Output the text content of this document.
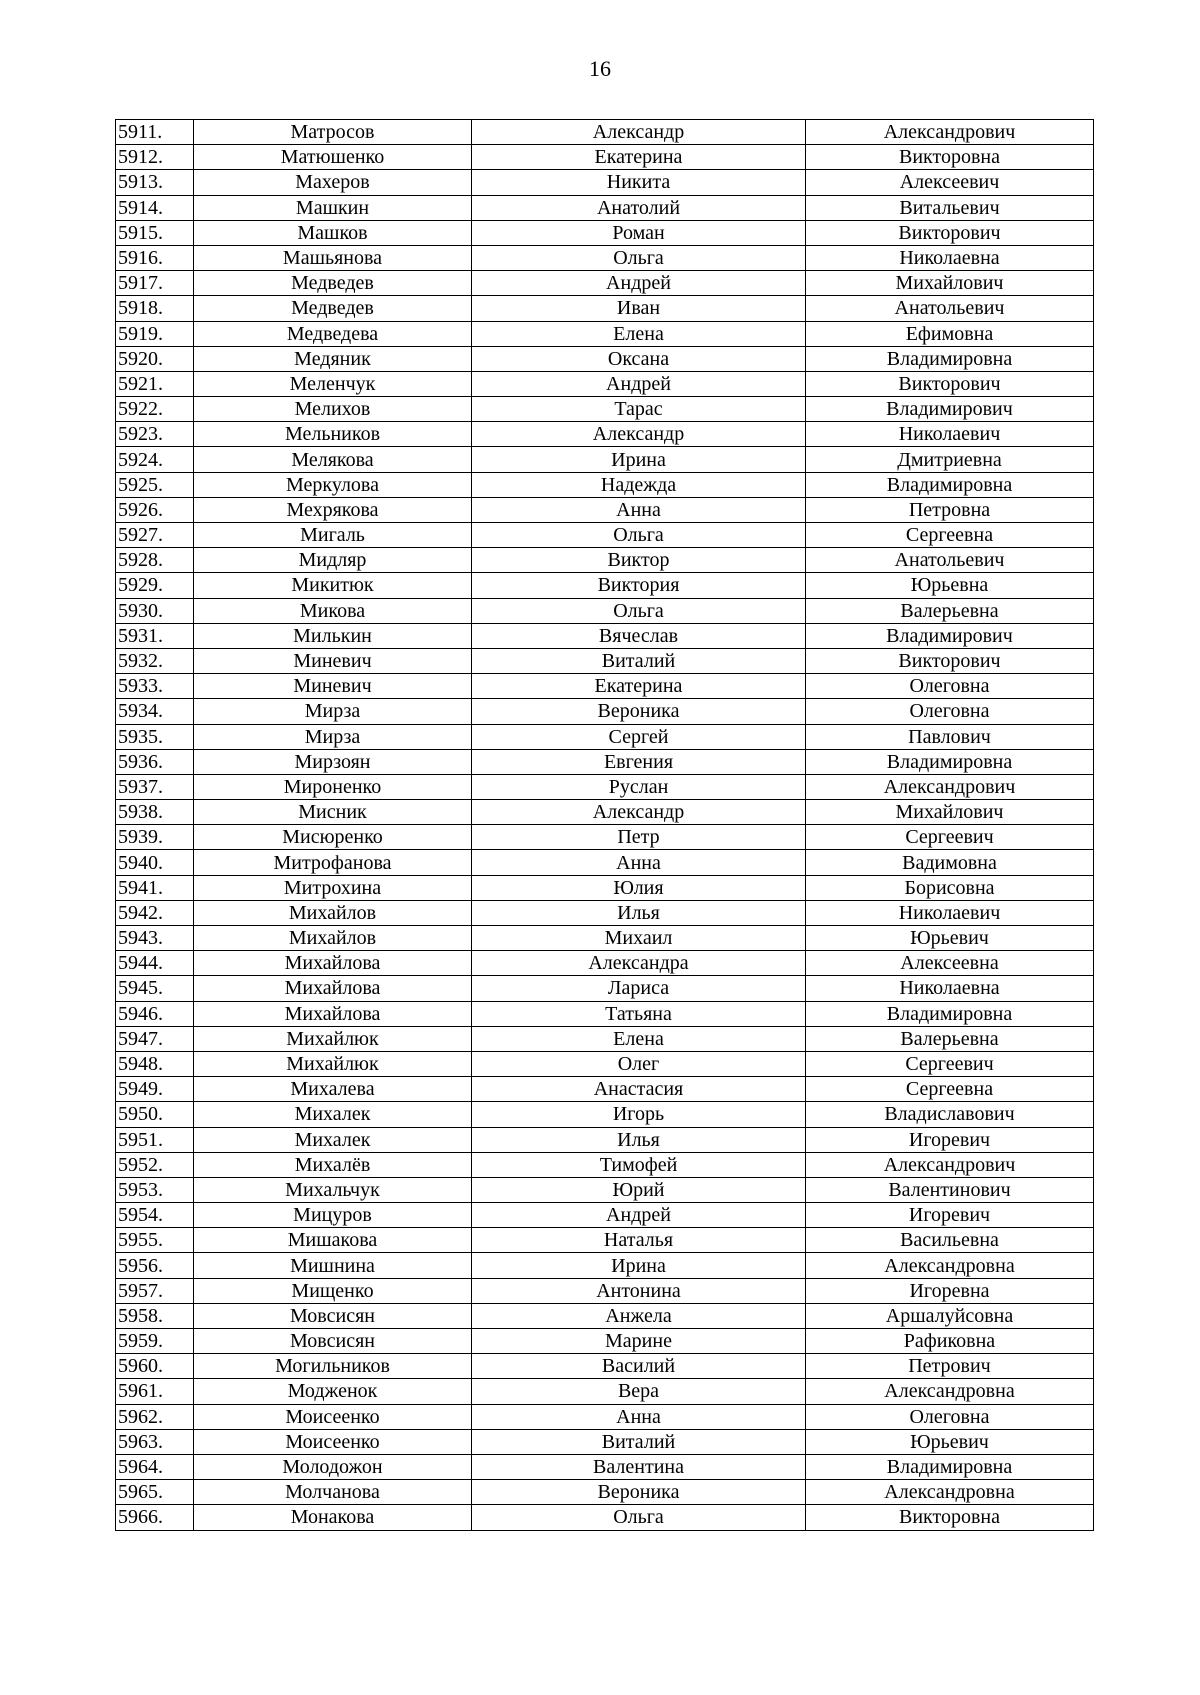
16
5911.	Матросов	Александр	Александрович
5912.	Матюшенко	Екатерина	Викторовна
5913.	Махеров	Никита	Алексеевич
5914.	Машкин	Анатолий	Витальевич
5915.	Машков	Роман	Викторович
5916.	Машьянова	Ольга	Николаевна
5917.	Медведев	Андрей	Михайлович
5918.	Медведев	Иван	Анатольевич
5919.	Медведева	Елена	Ефимовна
5920.	Медяник	Оксана	Владимировна
5921.	Меленчук	Андрей	Викторович
5922.	Мелихов	Тарас	Владимирович
5923.	Мельников	Александр	Николаевич
5924.	Мелякова	Ирина	Дмитриевна
5925.	Меркулова	Надежда	Владимировна
5926.	Мехрякова	Анна	Петровна
5927.	Мигаль	Ольга	Сергеевна
5928.	Мидляр	Виктор	Анатольевич
5929.	Микитюк	Виктория	Юрьевна
5930.	Микова	Ольга	Валерьевна
5931.	Милькин	Вячеслав	Владимирович
5932.	Миневич	Виталий	Викторович
5933.	Миневич	Екатерина	Олеговна
5934.	Мирза	Вероника	Олеговна
5935.	Мирза	Сергей	Павлович
5936.	Мирзоян	Евгения	Владимировна
5937.	Мироненко	Руслан	Александрович
5938.	Мисник	Александр	Михайлович
5939.	Мисюренко	Петр	Сергеевич
5940.	Митрофанова	Анна	Вадимовна
5941.	Митрохина	Юлия	Борисовна
5942.	Михайлов	Илья	Николаевич
5943.	Михайлов	Михаил	Юрьевич
5944.	Михайлова	Александра	Алексеевна
5945.	Михайлова	Лариса	Николаевна
5946.	Михайлова	Татьяна	Владимировна
5947.	Михайлюк	Елена	Валерьевна
5948.	Михайлюк	Олег	Сергеевич
5949.	Михалева	Анастасия	Сергеевна
5950.	Михалек	Игорь	Владиславович
5951.	Михалек	Илья	Игоревич
5952.	Михалёв	Тимофей	Александрович
5953.	Михальчук	Юрий	Валентинович
5954.	Мицуров	Андрей	Игоревич
5955.	Мишакова	Наталья	Васильевна
5956.	Мишнина	Ирина	Александровна
5957.	Мищенко	Антонина	Игоревна
5958.	Мовсисян	Анжела	Аршалуйсовна
5959.	Мовсисян	Марине	Рафиковна
5960.	Могильников	Василий	Петрович
5961.	Модженок	Вера	Александровна
5962.	Моисеенко	Анна	Олеговна
5963.	Моисеенко	Виталий	Юрьевич
5964.	Молодожон	Валентина	Владимировна
5965.	Молчанова	Вероника	Александровна
5966.	Монакова	Ольга	Викторовна
